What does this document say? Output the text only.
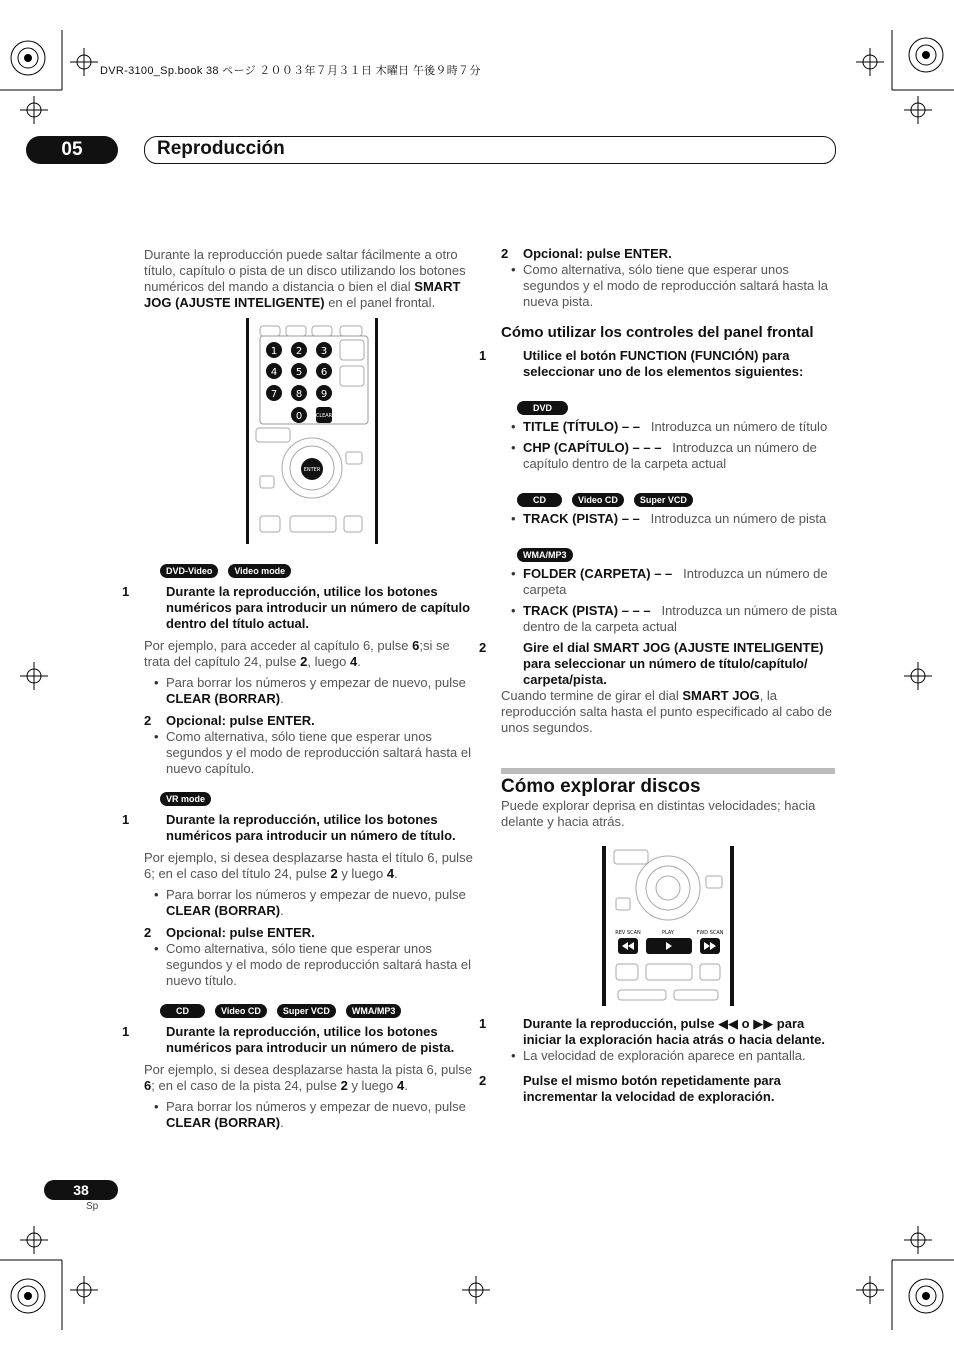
DVR-3100_Sp.book 38 ページ ２００３年７月３１日 木曜日 午後９時７分
05	Reproducción

Durante la reproducción puede saltar fácilmente a otro título, capítulo o pista de un disco utilizando los botones numéricos del mando a distancia o bien el dial SMART JOG (AJUSTE INTELIGENTE) en el panel frontal.

1 2 3
4 5 6
7 8 9
0	CLEAR
ENTER
DVD-Video	Video mode

1	Durante la reproducción, utilice los botones numéricos para introducir un número de capítulo dentro del título actual.

Por ejemplo, para acceder al capítulo 6, pulse 6;si se trata del capítulo 24, pulse 2, luego 4.

• Para borrar los números y empezar de nuevo, pulse CLEAR (BORRAR).

2 Opcional: pulse ENTER.

• Como alternativa, sólo tiene que esperar unos segundos y el modo de reproducción saltará hasta el nuevo capítulo.

VR mode

1	Durante la reproducción, utilice los botones numéricos para introducir un número de título.

Por ejemplo, si desea desplazarse hasta el título 6, pulse 6; en el caso del título 24, pulse 2 y luego 4.

• Para borrar los números y empezar de nuevo, pulse CLEAR (BORRAR).

2 Opcional: pulse ENTER.

• Como alternativa, sólo tiene que esperar unos segundos y el modo de reproducción saltará hasta el nuevo título.

CD	Video CD	Super VCD	WMA/MP3

1	Durante la reproducción, utilice los botones numéricos para introducir un número de pista.

Por ejemplo, si desea desplazarse hasta la pista 6, pulse 6; en el caso de la pista 24, pulse 2 y luego 4.

• Para borrar los números y empezar de nuevo, pulse CLEAR (BORRAR).

2 Opcional: pulse ENTER.

• Como alternativa, sólo tiene que esperar unos segundos y el modo de reproducción saltará hasta la nueva pista.

Cómo utilizar los controles del panel frontal

1	Utilice el botón FUNCTION (FUNCIÓN) para seleccionar uno de los elementos siguientes:

DVD

• TITLE (TÍTULO) – – Introduzca un número de título

• CHP (CAPÍTULO) – – – Introduzca un número de capítulo dentro de la carpeta actual

CD	Video CD	Super VCD

• TRACK (PISTA) – – Introduzca un número de pista

WMA/MP3

• FOLDER (CARPETA) – – Introduzca un número de carpeta

• TRACK (PISTA) – – – Introduzca un número de pista dentro de la carpeta actual

2	Gire el dial SMART JOG (AJUSTE INTELIGENTE) para seleccionar un número de título/capítulo/ carpeta/pista.

Cuando termine de girar el dial SMART JOG, la reproducción salta hasta el punto especificado al cabo de unos segundos.

Cómo explorar discos

Puede explorar deprisa en distintas velocidades; hacia delante y hacia atrás.

REV SCAN	PLAY	FWD SCAN

1	Durante la reproducción, pulse ◀◀ o ▶▶ para iniciar la exploración hacia atrás o hacia delante.

• La velocidad de exploración aparece en pantalla.

2	Pulse el mismo botón repetidamente para incrementar la velocidad de exploración.

38
Sp
